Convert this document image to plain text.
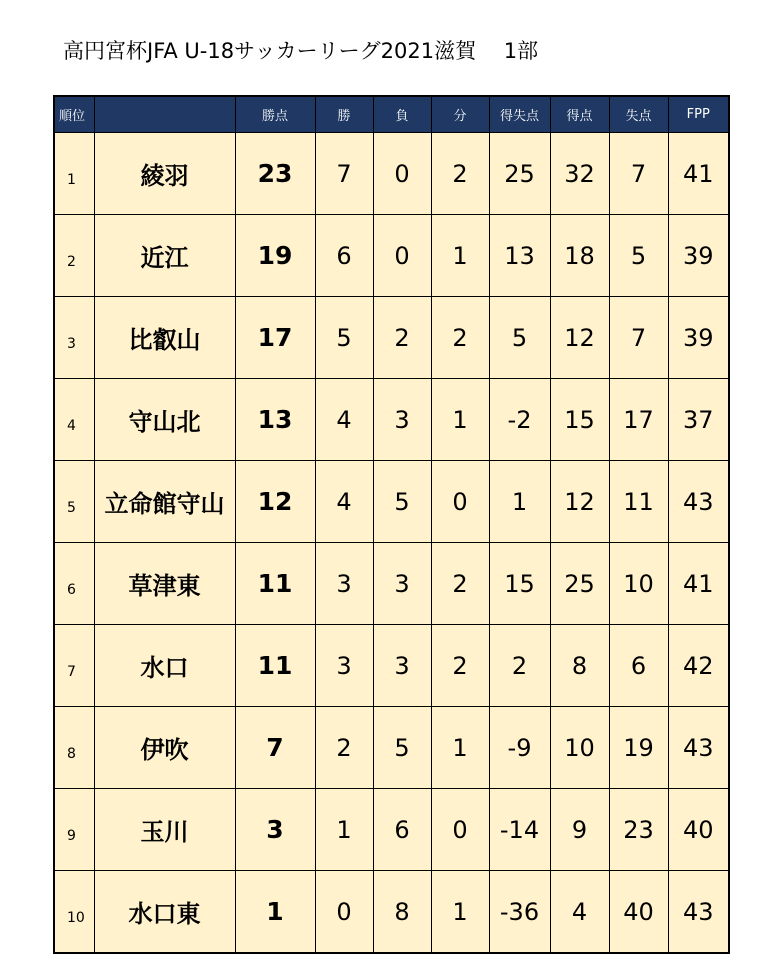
高円宮杯JFA U-18サッカーリーグ2021滋賀　 1部
順位		勝点	勝	負	分	得失点	得点	失点	FPP
1	綾羽	23	7	0	2	25	32	7	41
2	近江	19	6	0	1	13	18	5	39
3	比叡山	17	5	2	2	5	12	7	39
4	守山北	13	4	3	1	-2	15	17	37
5	立命館守山	12	4	5	0	1	12	11	43
6	草津東	11	3	3	2	15	25	10	41
7	水口	11	3	3	2	2	8	6	42
8	伊吹	7	2	5	1	-9	10	19	43
9	玉川	3	1	6	0	-14	9	23	40
10	水口東	1	0	8	1	-36	4	40	43
